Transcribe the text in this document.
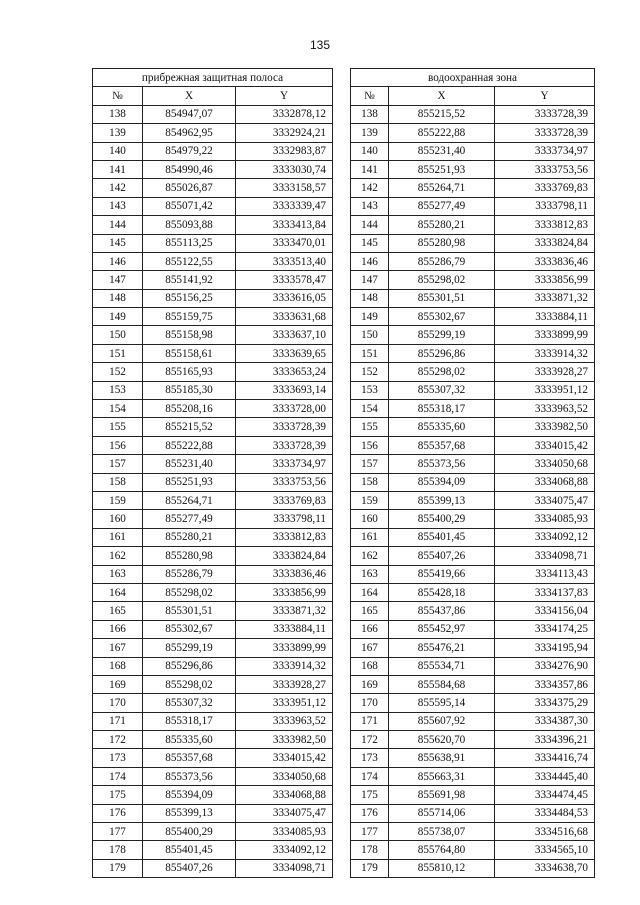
135
прибрежная защитная полоса		
№	X	Y
138	854947,07	3332878,12
139	854962,95	3332924,21
140	854979,22	3332983,87
141	854990,46	3333030,74
142	855026,87	3333158,57
143	855071,42	3333339,47
144	855093,88	3333413,84
145	855113,25	3333470,01
146	855122,55	3333513,40
147	855141,92	3333578,47
148	855156,25	3333616,05
149	855159,75	3333631,68
150	855158,98	3333637,10
151	855158,61	3333639,65
152	855165,93	3333653,24
153	855185,30	3333693,14
154	855208,16	3333728,00
155	855215,52	3333728,39
156	855222,88	3333728,39
157	855231,40	3333734,97
158	855251,93	3333753,56
159	855264,71	3333769,83
160	855277,49	3333798,11
161	855280,21	3333812,83
162	855280,98	3333824,84
163	855286,79	3333836,46
164	855298,02	3333856,99
165	855301,51	3333871,32
166	855302,67	3333884,11
167	855299,19	3333899,99
168	855296,86	3333914,32
169	855298,02	3333928,27
170	855307,32	3333951,12
171	855318,17	3333963,52
172	855335,60	3333982,50
173	855357,68	3334015,42
174	855373,56	3334050,68
175	855394,09	3334068,88
176	855399,13	3334075,47
177	855400,29	3334085,93
178	855401,45	3334092,12
179	855407,26	3334098,71
водоохранная зона		
№	X	Y
138	855215,52	3333728,39
139	855222,88	3333728,39
140	855231,40	3333734,97
141	855251,93	3333753,56
142	855264,71	3333769,83
143	855277,49	3333798,11
144	855280,21	3333812,83
145	855280,98	3333824,84
146	855286,79	3333836,46
147	855298,02	3333856,99
148	855301,51	3333871,32
149	855302,67	3333884,11
150	855299,19	3333899,99
151	855296,86	3333914,32
152	855298,02	3333928,27
153	855307,32	3333951,12
154	855318,17	3333963,52
155	855335,60	3333982,50
156	855357,68	3334015,42
157	855373,56	3334050,68
158	855394,09	3334068,88
159	855399,13	3334075,47
160	855400,29	3334085,93
161	855401,45	3334092,12
162	855407,26	3334098,71
163	855419,66	3334113,43
164	855428,18	3334137,83
165	855437,86	3334156,04
166	855452,97	3334174,25
167	855476,21	3334195,94
168	855534,71	3334276,90
169	855584,68	3334357,86
170	855595,14	3334375,29
171	855607,92	3334387,30
172	855620,70	3334396,21
173	855638,91	3334416,74
174	855663,31	3334445,40
175	855691,98	3334474,45
176	855714,06	3334484,53
177	855738,07	3334516,68
178	855764,80	3334565,10
179	855810,12	3334638,70
